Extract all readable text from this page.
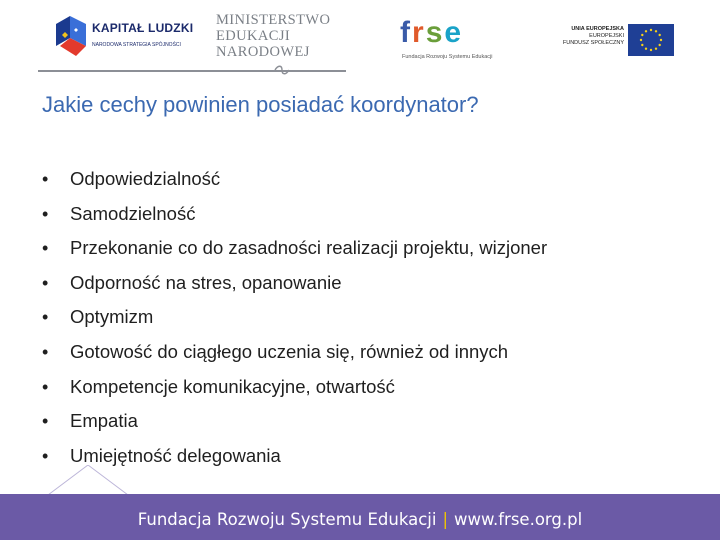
KAPITAŁ LUDZKI
NARODOWA STRATEGIA SPÓJNOŚCI
MINISTERSTWO
EDUKACJI
NARODOWEJ
frse
Fundacja Rozwoju Systemu Edukacji
UNIA EUROPEJSKA
EUROPEJSKI
FUNDUSZ SPOŁECZNY
Jakie cechy powinien posiadać koordynator?
• Odpowiedzialność
• Samodzielność
• Przekonanie co do zasadności realizacji projektu, wizjoner
• Odporność na stres, opanowanie
• Optymizm
• Gotowość do ciągłego uczenia się, również od innych
• Kompetencje komunikacyjne, otwartość
• Empatia
• Umiejętność delegowania
Fundacja Rozwoju Systemu Edukacji | www.frse.org.pl
